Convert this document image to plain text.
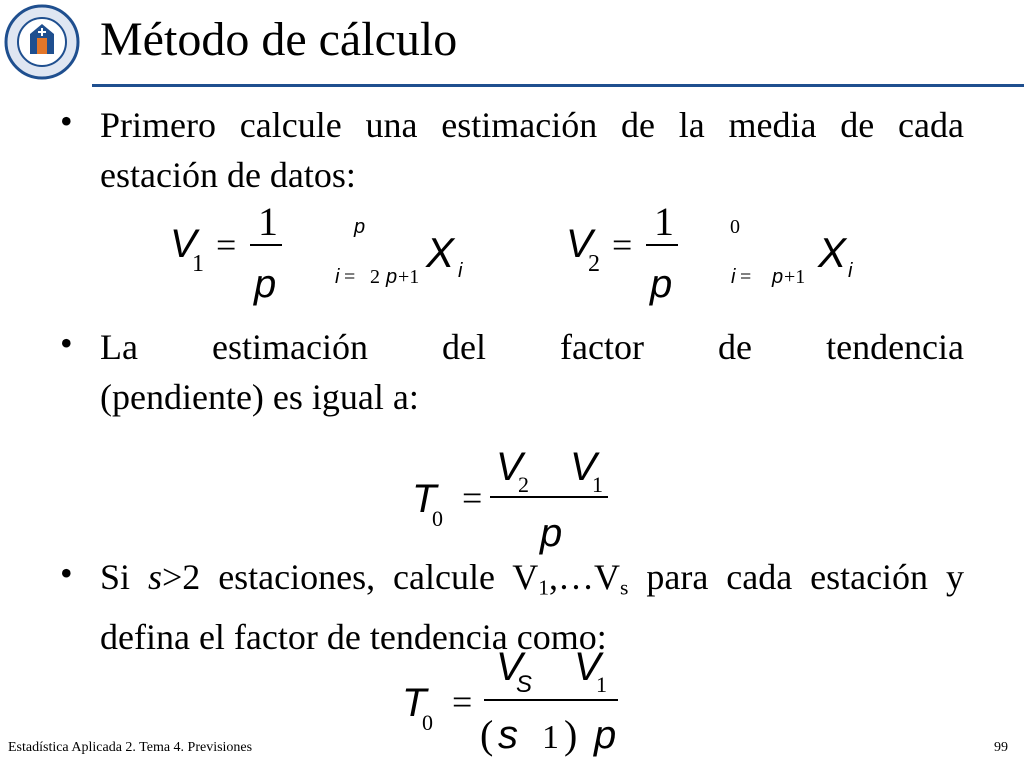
Método de cálculo
• Primero calcule una estimación de la media de cada estación de datos:
V
1 =
1
p
p
i = 2 p +1
X i
V
2 =
1
p
0
i = p +1
X i
• La estimación del factor de tendencia
(pendiente) es igual a:
T
0
=
V
2 V
1
p
• Si s>2 estaciones, calcule $V_1,\dots V_s$ para cada estación y defina el factor de tendencia como:
T
0
=
V
S V
1
( s 1 ) p
Estadística Aplicada 2. Tema 4. Previsiones	99
